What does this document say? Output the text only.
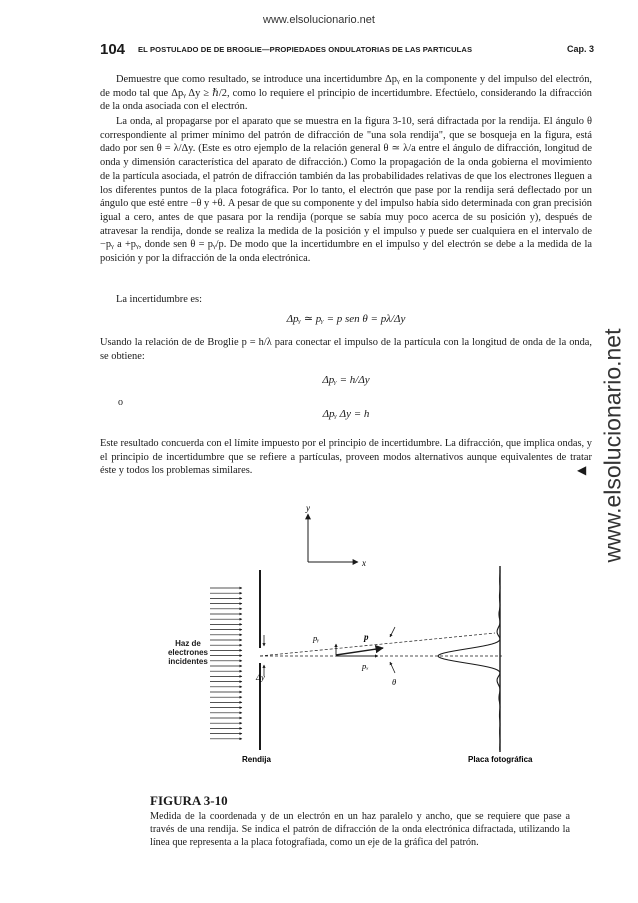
www.elsolucionario.net
104 EL POSTULADO DE DE BROGLIE—PROPIEDADES ONDULATORIAS DE LAS PARTICULAS	Cap. 3

Demuestre que como resultado, se introduce una incertidumbre Δpᵧ en la componente y del impulso del electrón, de modo tal que Δpᵧ Δy ≥ ℏ/2, como lo requiere el principio de incertidumbre. Efectúelo, considerando la difracción de la onda asociada con el electrón.

La onda, al propagarse por el aparato que se muestra en la figura 3-10, será difractada por la rendija. El ángulo θ correspondiente al primer mínimo del patrón de difracción de "una sola rendija", que se bosqueja en la figura, está dado por sen θ = λ/Δy. (Este es otro ejemplo de la relación general θ ≃ λ/a entre el ángulo de difracción, longitud de onda y dimensión característica del aparato de difracción.) Como la propagación de la onda gobierna el movimiento de la partícula asociada, el patrón de difracción también da las probabilidades relativas de que los electrones lleguen a los diferentes puntos de la placa fotográfica. Por lo tanto, el electrón que pase por la rendija será deflectado por un ángulo que esté entre −θ y +θ. A pesar de que su componente y del impulso había sido determinada con gran precisión igual a cero, antes de que pasara por la rendija (porque se sabía muy poco acerca de su posición y), después de atravesar la rendija, donde se realiza la medida de la posición y el impulso y puede ser cualquiera en el intervalo de −pᵧ a +pᵧ, donde sen θ = pᵧ/p. De modo que la incertidumbre en el impulso y del electrón se debe a la medida de la posición y por la difracción de la onda electrónica.

La incertidumbre es:

Δpᵧ ≃ pᵧ = p sen θ = pλ/Δy

Usando la relación de de Broglie p = h/λ para conectar el impulso de la partícula con la longitud de onda de la onda, se obtiene:

Δpᵧ = h/Δy
o
Δpᵧ Δy = h

Este resultado concuerda con el límite impuesto por el principio de incertidumbre. La difracción, que implica ondas, y el principio de incertidumbre que se refiere a partículas, proveen modos alternativos aunque equivalentes de tratar éste y todos los problemas similares.	◀ www.elsolucionario.net
y
x
Δy
pᵧ	p
pₓ
θ
Rendija	Placa fotográfica
Haz de electrones incidentes
FIGURA 3-10

Medida de la coordenada y de un electrón en un haz paralelo y ancho, que se requiere que pase a través de una rendija. Se indica el patrón de difracción de la onda electrónica difractada, utilizando la línea que representa a la placa fotografiada, como un eje de la gráfica del patrón.
